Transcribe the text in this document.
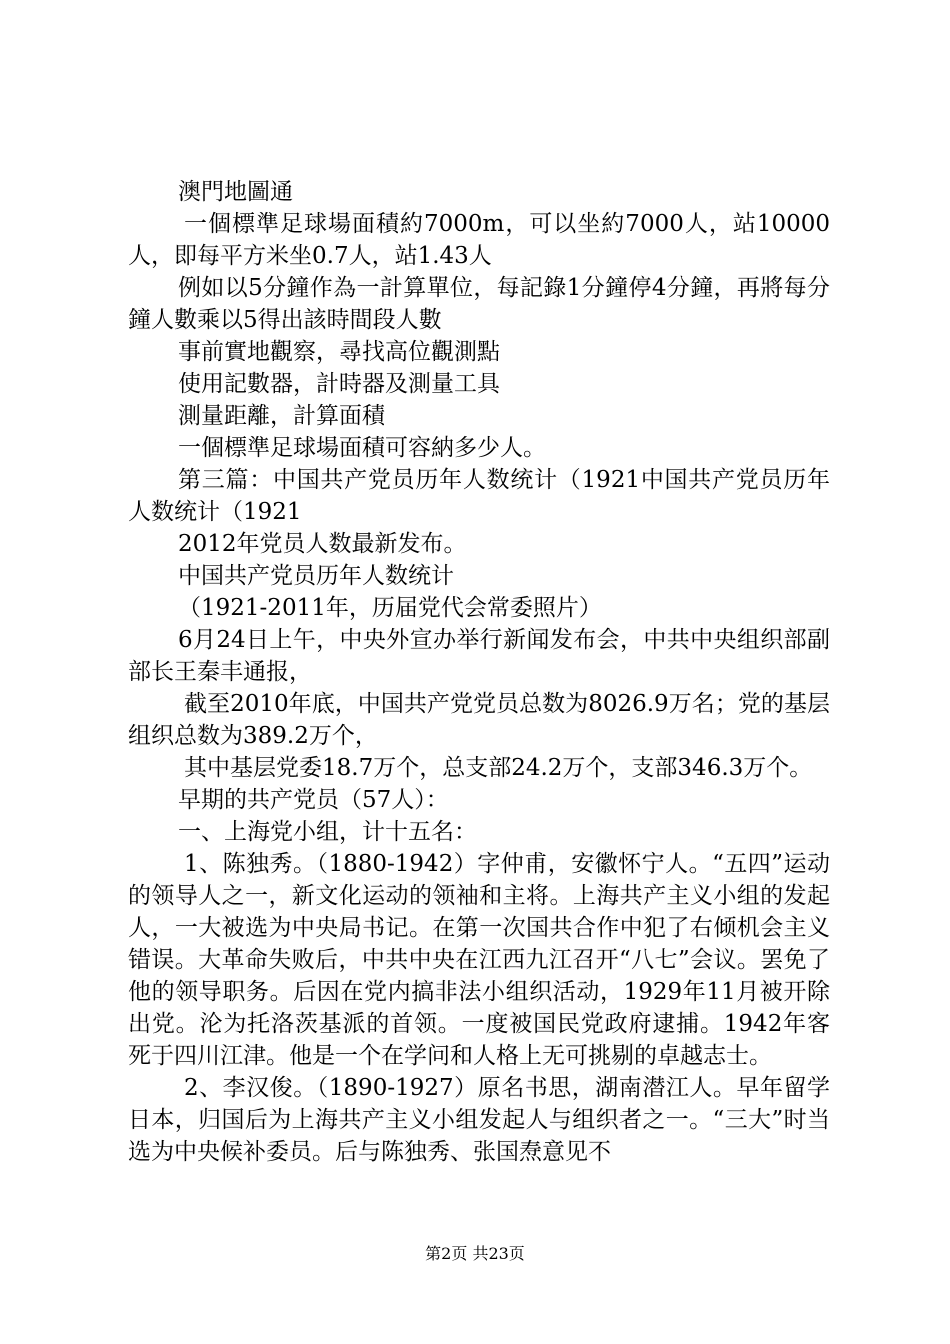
澳門地圖通

一個標準足球場面積約7000m，可以坐約7000人，站10000人，即每平方米坐0.7人，站1.43人

例如以5分鐘作為一計算單位，每記錄1分鐘停4分鐘，再將每分鐘人數乘以5得出該時間段人數

事前實地觀察，尋找高位觀測點

使用記數器，計時器及測量工具

測量距離，計算面積

一個標準足球場面積可容納多少人。

第三篇：中国共产党员历年人数统计（1921中国共产党员历年人数统计（1921

2012年党员人数最新发布。

中国共产党员历年人数统计

（1921-2011年，历届党代会常委照片）

6月24日上午，中央外宣办举行新闻发布会，中共中央组织部副部长王秦丰通报，

截至2010年底，中国共产党党员总数为8026.9万名；党的基层组织总数为389.2万个，

其中基层党委18.7万个，总支部24.2万个，支部346.3万个。

早期的共产党员（57人）：

一、上海党小组，计十五名：

1、陈独秀。（1880-1942）字仲甫，安徽怀宁人。“五四”运动的领导人之一，新文化运动的领袖和主将。上海共产主义小组的发起人，一大被选为中央局书记。在第一次国共合作中犯了右倾机会主义错误。大革命失败后，中共中央在江西九江召开“八七”会议。罢免了他的领导职务。后因在党内搞非法小组织活动，1929年11月被开除出党。沦为托洛茨基派的首领。一度被国民党政府逮捕。1942年客死于四川江津。他是一个在学问和人格上无可挑剔的卓越志士。

2、李汉俊。（1890-1927）原名书思，湖南潜江人。早年留学日本，归国后为上海共产主义小组发起人与组织者之一。“三大”时当选为中央候补委员。后与陈独秀、张国焘意见不

第2页 共23页
